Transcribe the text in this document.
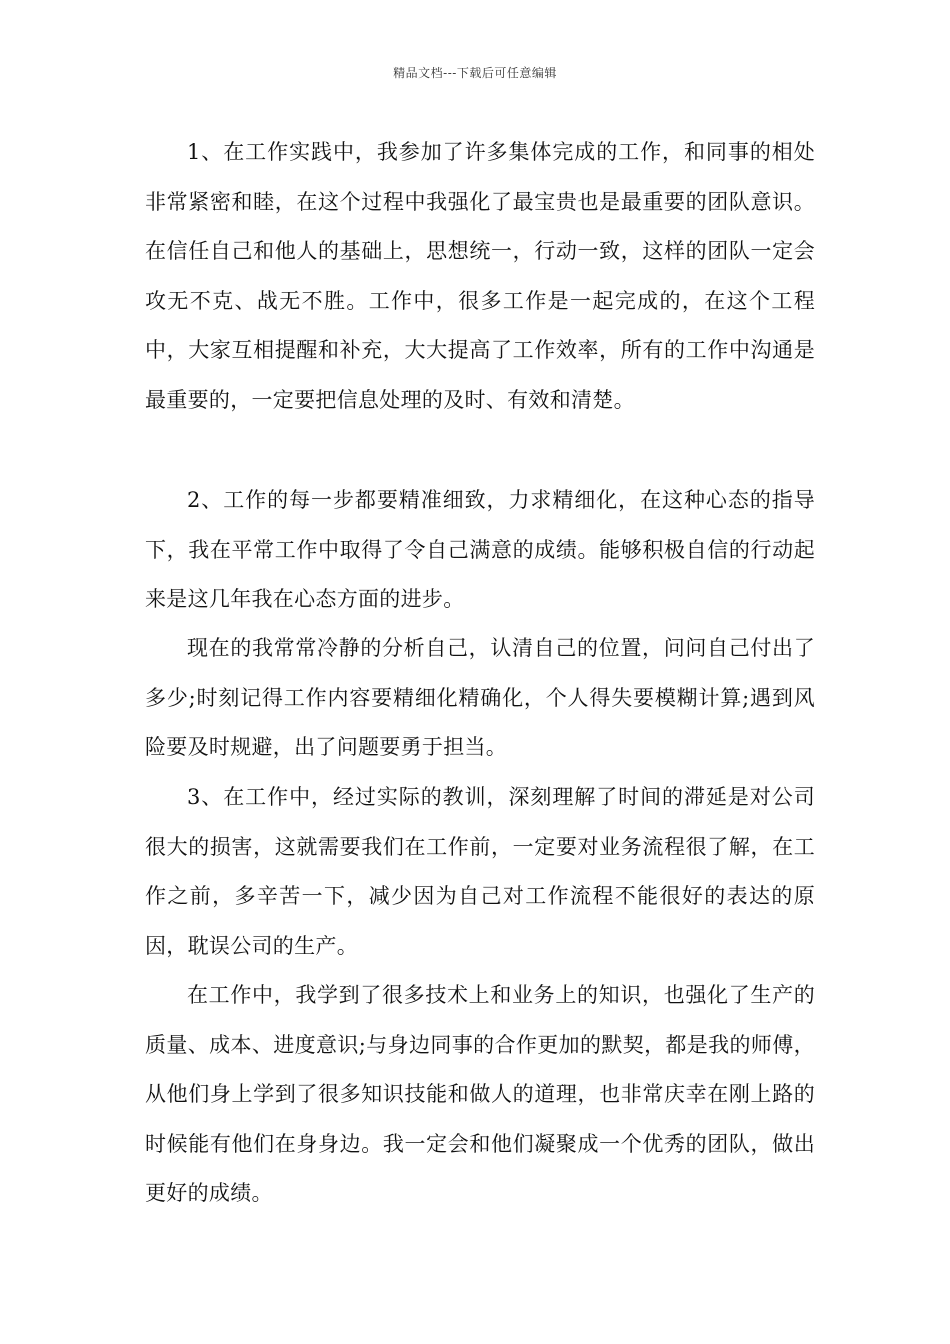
精品文档---下载后可任意编辑

1、在工作实践中，我参加了许多集体完成的工作，和同事的相处非常紧密和睦，在这个过程中我强化了最宝贵也是最重要的团队意识。在信任自己和他人的基础上，思想统一，行动一致，这样的团队一定会攻无不克、战无不胜。工作中，很多工作是一起完成的，在这个工程中，大家互相提醒和补充，大大提高了工作效率，所有的工作中沟通是最重要的，一定要把信息处理的及时、有效和清楚。

2、工作的每一步都要精准细致，力求精细化，在这种心态的指导下，我在平常工作中取得了令自己满意的成绩。能够积极自信的行动起来是这几年我在心态方面的进步。

现在的我常常冷静的分析自己，认清自己的位置，问问自己付出了多少;时刻记得工作内容要精细化精确化，个人得失要模糊计算;遇到风险要及时规避，出了问题要勇于担当。

3、在工作中，经过实际的教训，深刻理解了时间的滞延是对公司很大的损害，这就需要我们在工作前，一定要对业务流程很了解，在工作之前，多辛苦一下，减少因为自己对工作流程不能很好的表达的原因，耽误公司的生产。

在工作中，我学到了很多技术上和业务上的知识，也强化了生产的质量、成本、进度意识;与身边同事的合作更加的默契，都是我的师傅，从他们身上学到了很多知识技能和做人的道理，也非常庆幸在刚上路的时候能有他们在身身边。我一定会和他们凝聚成一个优秀的团队，做出更好的成绩。
